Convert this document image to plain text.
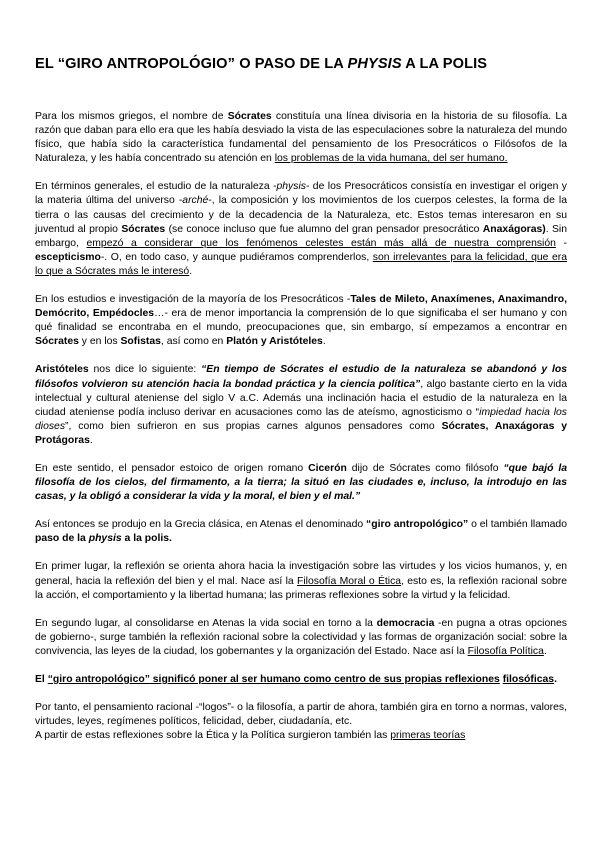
EL “GIRO ANTROPOLÓGIO” O PASO DE LA PHYSIS A LA POLIS

Para los mismos griegos, el nombre de Sócrates constituía una línea divisoria en la historia de su filosofía. La razón que daban para ello era que les había desviado la vista de las especulaciones sobre la naturaleza del mundo físico, que había sido la característica fundamental del pensamiento de los Presocráticos o Filósofos de la Naturaleza, y les había concentrado su atención en los problemas de la vida humana, del ser humano.

En términos generales, el estudio de la naturaleza -physis- de los Presocráticos consistía en investigar el origen y la materia última del universo -arché-, la composición y los movimientos de los cuerpos celestes, la forma de la tierra o las causas del crecimiento y de la decadencia de la Naturaleza, etc. Estos temas interesaron en su juventud al propio Sócrates (se conoce incluso que fue alumno del gran pensador presocrático Anaxágoras). Sin embargo, empezó a considerar que los fenómenos celestes están más allá de nuestra comprensión -escepticismo-. O, en todo caso, y aunque pudiéramos comprenderlos, son irrelevantes para la felicidad, que era lo que a Sócrates más le interesó.

En los estudios e investigación de la mayoría de los Presocráticos -Tales de Mileto, Anaxímenes, Anaximandro, Demócrito, Empédocles…- era de menor importancia la comprensión de lo que significaba el ser humano y con qué finalidad se encontraba en el mundo, preocupaciones que, sin embargo, sí empezamos a encontrar en Sócrates y en los Sofistas, así como en Platón y Aristóteles.

Aristóteles nos dice lo siguiente: “En tiempo de Sócrates el estudio de la naturaleza se abandonó y los filósofos volvieron su atención hacia la bondad práctica y la ciencia política”, algo bastante cierto en la vida intelectual y cultural ateniense del siglo V a.C. Además una inclinación hacia el estudio de la naturaleza en la ciudad ateniense podía incluso derivar en acusaciones como las de ateísmo, agnosticismo o “impiedad hacia los dioses”, como bien sufrieron en sus propias carnes algunos pensadores como Sócrates, Anaxágoras y Protágoras.

En este sentido, el pensador estoico de origen romano Cicerón dijo de Sócrates como filósofo “que bajó la filosofía de los cielos, del firmamento, a la tierra; la situó en las ciudades e, incluso, la introdujo en las casas, y la obligó a considerar la vida y la moral, el bien y el mal.”

Así entonces se produjo en la Grecia clásica, en Atenas el denominado “giro antropológico” o el también llamado paso de la physis a la polis.

En primer lugar, la reflexión se orienta ahora hacia la investigación sobre las virtudes y los vicios humanos, y, en general, hacia la reflexión del bien y el mal. Nace así la Filosofía Moral o Ética, esto es, la reflexión racional sobre la acción, el comportamiento y la libertad humana; las primeras reflexiones sobre la virtud y la felicidad.

En segundo lugar, al consolidarse en Atenas la vida social en torno a la democracia -en pugna a otras opciones de gobierno-, surge también la reflexión racional sobre la colectividad y las formas de organización social: sobre la convivencia, las leyes de la ciudad, los gobernantes y la organización del Estado. Nace así la Filosofía Política.

El “giro antropológico” significó poner al ser humano como centro de sus propias reflexiones filosóficas.

Por tanto, el pensamiento racional -“logos”- o la filosofía, a partir de ahora, también gira en torno a normas, valores, virtudes, leyes, regímenes políticos, felicidad, deber, ciudadanía, etc.

A partir de estas reflexiones sobre la Ética y la Política surgieron también las primeras teorías
